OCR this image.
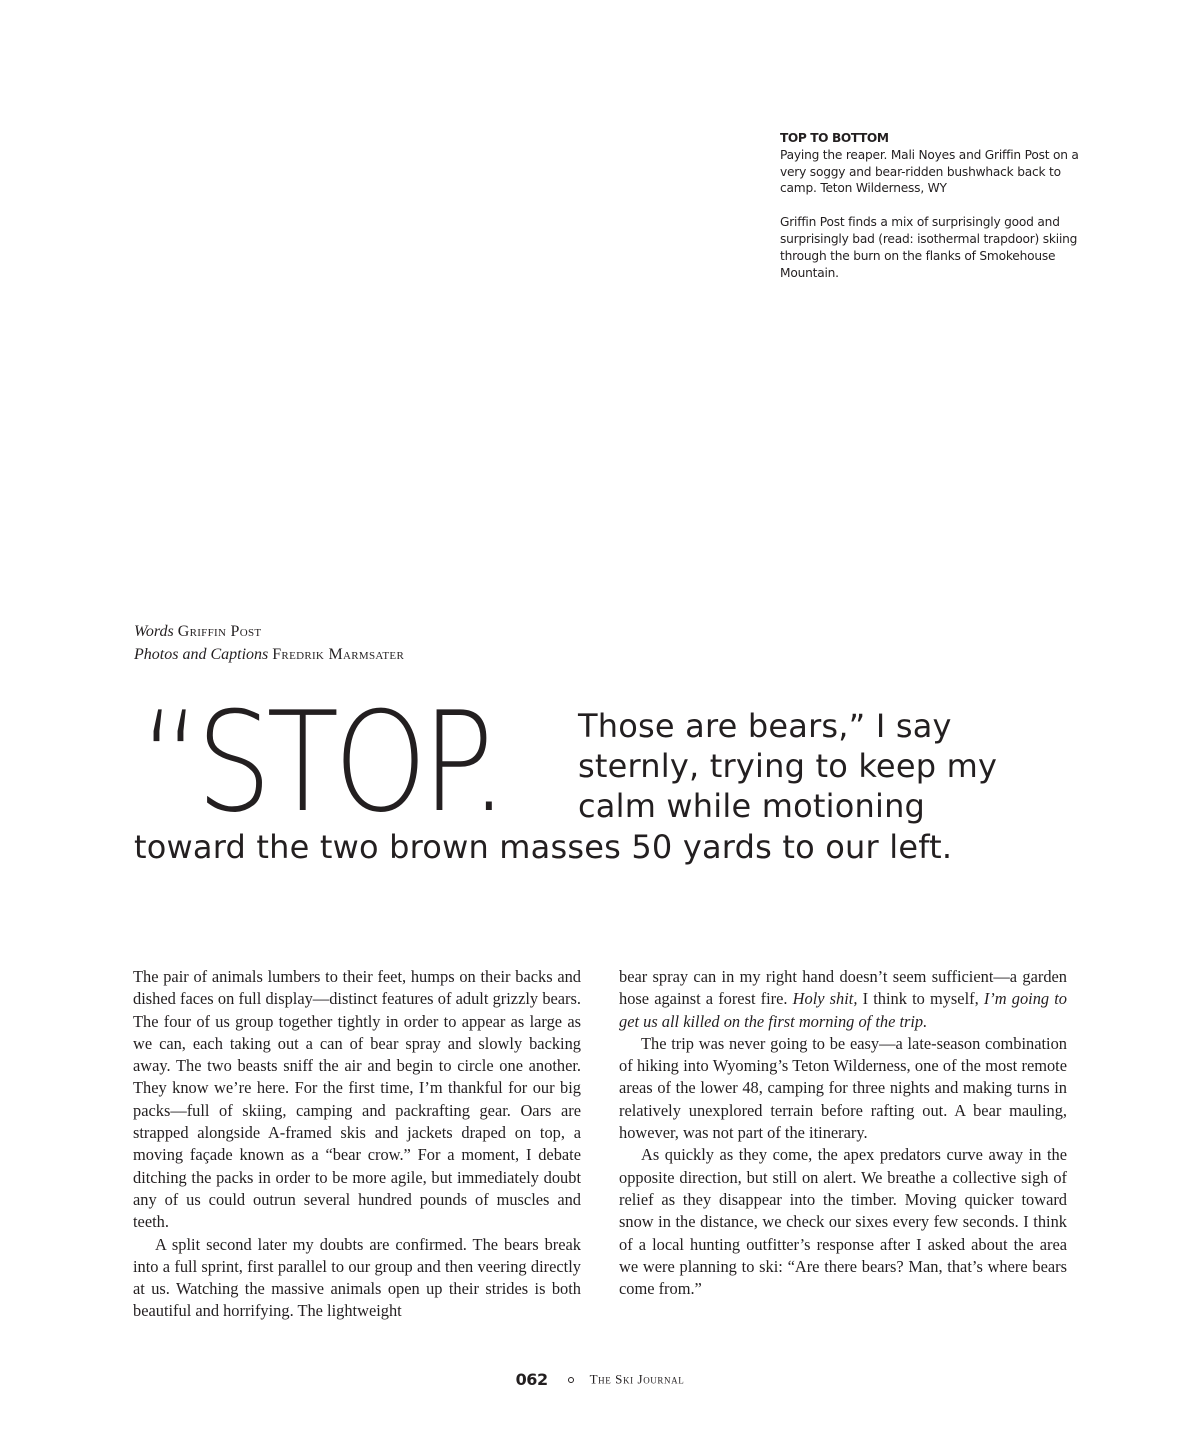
TOP TO BOTTOM

Paying the reaper. Mali Noyes and Griffin Post on a very soggy and bear-ridden bushwhack back to camp. Teton Wilderness, WY

Griffin Post finds a mix of surprisingly good and surprisingly bad (read: isothermal trapdoor) skiing through the burn on the flanks of Smokehouse Mountain.

Words Griffin Post
Photos and Captions Fredrik Marmsater
“STOP. Those are bears,” I say
sternly, trying to keep my
calm while motioning
toward the two brown masses 50 yards to our left.

The pair of animals lumbers to their feet, humps on their backs and dished faces on full display—distinct features of adult grizzly bears. The four of us group together tightly in order to appear as large as we can, each taking out a can of bear spray and slowly backing away. The two beasts sniff the air and begin to circle one another. They know we’re here. For the first time, I’m thankful for our big packs—full of skiing, camping and packrafting gear. Oars are strapped alongside A-framed skis and jackets draped on top, a moving façade known as a “bear crow.” For a moment, I debate ditching the packs in order to be more agile, but immediately doubt any of us could outrun several hundred pounds of muscles and teeth.

A split second later my doubts are confirmed. The bears break into a full sprint, first parallel to our group and then veering directly at us. Watching the massive animals open up their strides is both beautiful and horrifying. The lightweight

bear spray can in my right hand doesn’t seem sufficient—a garden hose against a forest fire. Holy shit, I think to myself, I’m going to get us all killed on the first morning of the trip.

The trip was never going to be easy—a late-season combination of hiking into Wyoming’s Teton Wilderness, one of the most remote areas of the lower 48, camping for three nights and making turns in relatively unexplored terrain before rafting out. A bear mauling, however, was not part of the itinerary.

As quickly as they come, the apex predators curve away in the opposite direction, but still on alert. We breathe a collective sigh of relief as they disappear into the timber. Moving quicker toward snow in the distance, we check our sixes every few seconds. I think of a local hunting outfitter’s response after I asked about the area we were planning to ski: “Are there bears? Man, that’s where bears come from.”

062	The Ski Journal
